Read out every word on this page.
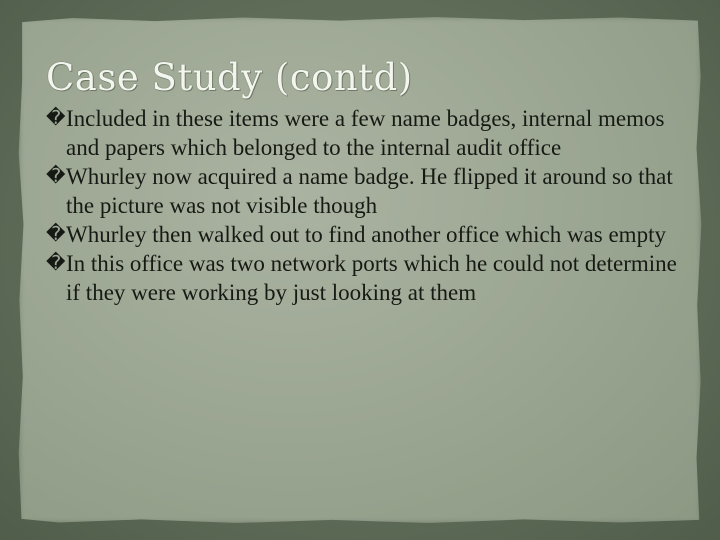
Case Study (contd)
� Included in these items were a few name badges, internal memos and papers which belonged to the internal audit office
� Whurley now acquired a name badge. He flipped it around so that the picture was not visible though
� Whurley then walked out to find another office which was empty
� In this office was two network ports which he could not determine if they were working by just looking at them
